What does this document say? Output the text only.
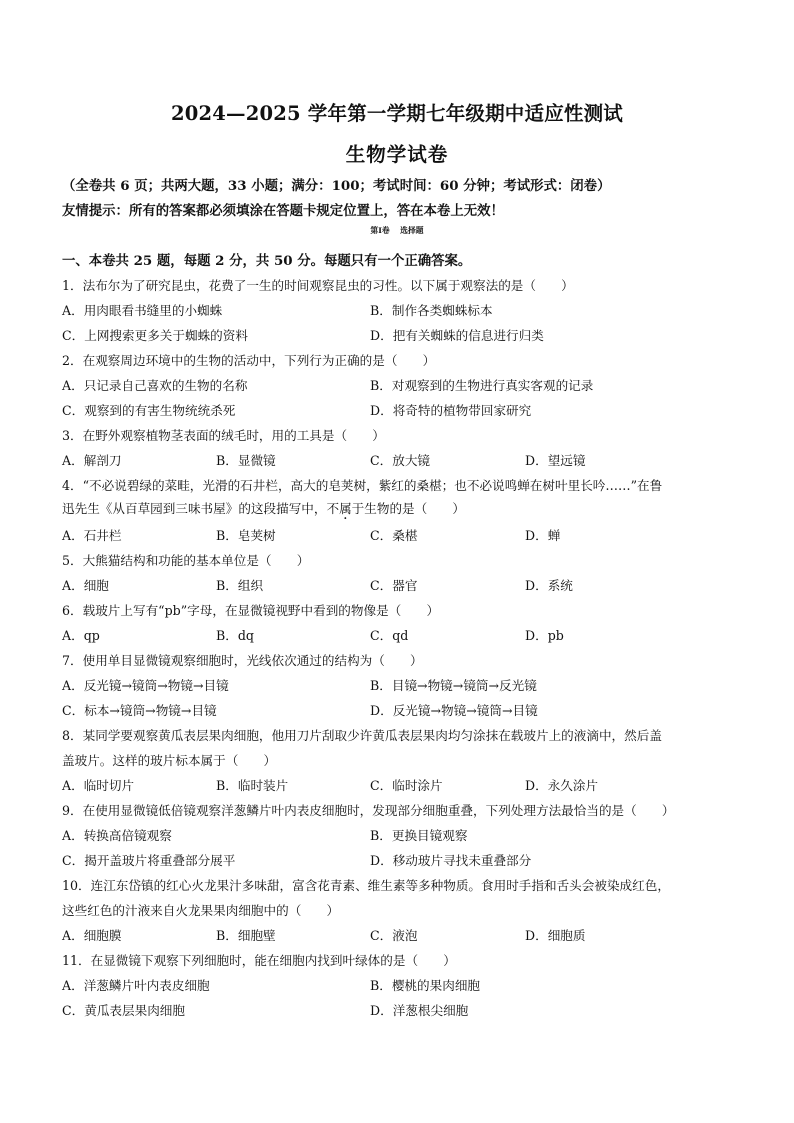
2024—2025 学年第一学期七年级期中适应性测试
生物学试卷
（全卷共 6 页；共两大题，33 小题；满分：100；考试时间：60 分钟；考试形式：闭卷）
友情提示：所有的答案都必须填涂在答题卡规定位置上，答在本卷上无效！
第Ⅰ卷　 选择题
一、本卷共 25 题，每题 2 分，共 50 分。每题只有一个正确答案。
1．法布尔为了研究昆虫，花费了一生的时间观察昆虫的习性。以下属于观察法的是（　　）
A．用肉眼看书缝里的小蜘蛛	B．制作各类蜘蛛标本
C．上网搜索更多关于蜘蛛的资料	D．把有关蜘蛛的信息进行归类
2．在观察周边环境中的生物的活动中，下列行为正确的是（　　）
A．只记录自己喜欢的生物的名称	B．对观察到的生物进行真实客观的记录
C．观察到的有害生物统统杀死	D．将奇特的植物带回家研究
3．在野外观察植物茎表面的绒毛时，用的工具是（　　）
A．解剖刀	B．显微镜	C．放大镜	D．望远镜
4．“不必说碧绿的菜畦，光滑的石井栏，高大的皂荚树，紫红的桑椹；也不必说鸣蝉在树叶里长吟……”在鲁
迅先生《从百草园到三味书屋》的这段描写中，不属于生物的是（　　）
A．石井栏	B．皂荚树	C．桑椹	D．蝉
5．大熊猫结构和功能的基本单位是（　　）
A．细胞	B．组织	C．器官	D．系统
6．载玻片上写有“pb”字母，在显微镜视野中看到的物像是（　　）
A．qp	B．dq	C．qd	D．pb
7．使用单目显微镜观察细胞时，光线依次通过的结构为（　　）
A．反光镜→镜筒→物镜→目镜	B．目镜→物镜→镜筒→反光镜
C．标本→镜筒→物镜→目镜	D．反光镜→物镜→镜筒→目镜
8．某同学要观察黄瓜表层果肉细胞，他用刀片刮取少许黄瓜表层果肉均匀涂抹在载玻片上的液滴中，然后盖
盖玻片。这样的玻片标本属于（　　）
A．临时切片	B．临时装片	C．临时涂片	D．永久涂片
9．在使用显微镜低倍镜观察洋葱鳞片叶内表皮细胞时，发现部分细胞重叠，下列处理方法最恰当的是（　　）
A．转换高倍镜观察	B．更换目镜观察
C．揭开盖玻片将重叠部分展平	D．移动玻片寻找未重叠部分
10．连江东岱镇的红心火龙果汁多味甜，富含花青素、维生素等多种物质。食用时手指和舌头会被染成红色，
这些红色的汁液来自火龙果果肉细胞中的（　　）
A．细胞膜	B．细胞壁	C．液泡	D．细胞质
11．在显微镜下观察下列细胞时，能在细胞内找到叶绿体的是（　　）
A．洋葱鳞片叶内表皮细胞	B．樱桃的果肉细胞
C．黄瓜表层果肉细胞	D．洋葱根尖细胞
